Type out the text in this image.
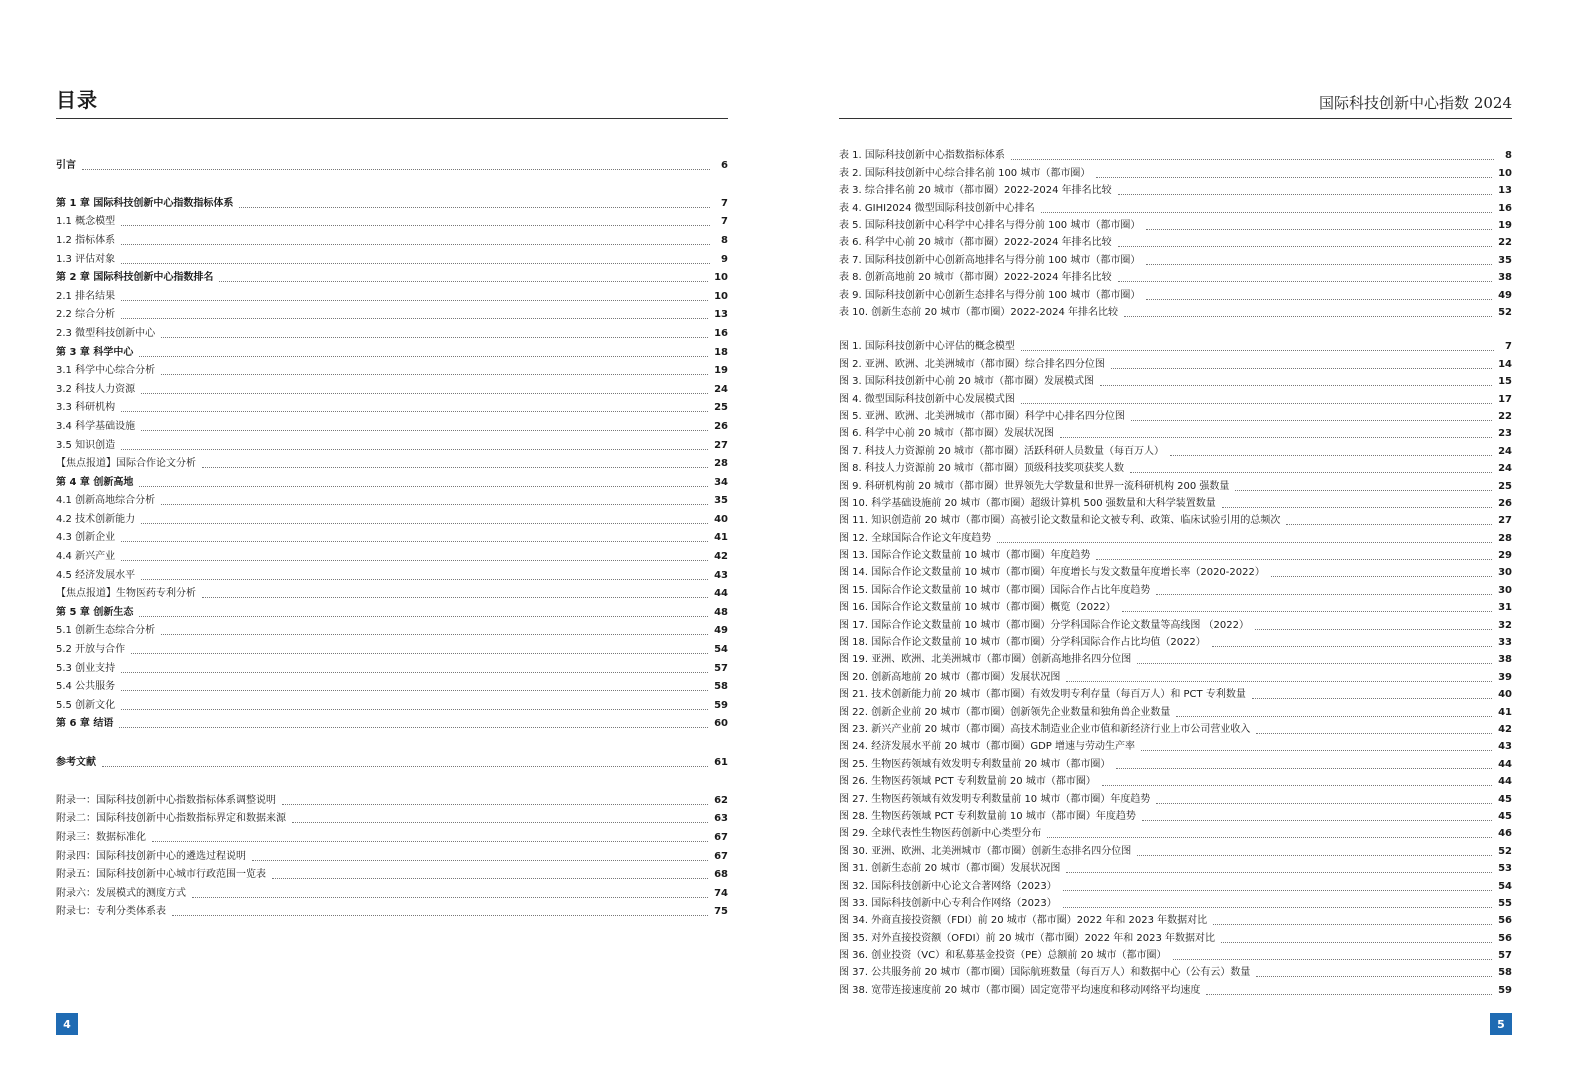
目录
引言	6
第 1 章 国际科技创新中心指数指标体系	7
1.1 概念模型	7
1.2 指标体系	8
1.3 评估对象	9
第 2 章 国际科技创新中心指数排名	10
2.1 排名结果	10
2.2 综合分析	13
2.3 微型科技创新中心	16
第 3 章 科学中心	18
3.1 科学中心综合分析	19
3.2 科技人力资源	24
3.3 科研机构	25
3.4 科学基础设施	26
3.5 知识创造	27
【焦点报道】国际合作论文分析	28
第 4 章 创新高地	34
4.1 创新高地综合分析	35
4.2 技术创新能力	40
4.3 创新企业	41
4.4 新兴产业	42
4.5 经济发展水平	43
【焦点报道】生物医药专利分析	44
第 5 章 创新生态	48
5.1 创新生态综合分析	49
5.2 开放与合作	54
5.3 创业支持	57
5.4 公共服务	58
5.5 创新文化	59
第 6 章 结语	60
参考文献	61
附录一：国际科技创新中心指数指标体系调整说明	62
附录二：国际科技创新中心指数指标界定和数据来源	63
附录三：数据标准化	67
附录四：国际科技创新中心的遴选过程说明	67
附录五：国际科技创新中心城市行政范围一览表	68
附录六：发展模式的测度方式	74
附录七：专利分类体系表	75
4
国际科技创新中心指数 2024
表 1. 国际科技创新中心指数指标体系	8
表 2. 国际科技创新中心综合排名前 100 城市（都市圈）	10
表 3. 综合排名前 20 城市（都市圈）2022-2024 年排名比较	13
表 4. GIHI2024 微型国际科技创新中心排名	16
表 5. 国际科技创新中心科学中心排名与得分前 100 城市（都市圈）	19
表 6. 科学中心前 20 城市（都市圈）2022-2024 年排名比较	22
表 7. 国际科技创新中心创新高地排名与得分前 100 城市（都市圈）	35
表 8. 创新高地前 20 城市（都市圈）2022-2024 年排名比较	38
表 9. 国际科技创新中心创新生态排名与得分前 100 城市（都市圈）	49
表 10. 创新生态前 20 城市（都市圈）2022-2024 年排名比较	52
图 1. 国际科技创新中心评估的概念模型	7
图 2. 亚洲、欧洲、北美洲城市（都市圈）综合排名四分位图	14
图 3. 国际科技创新中心前 20 城市（都市圈）发展模式图	15
图 4. 微型国际科技创新中心发展模式图	17
图 5. 亚洲、欧洲、北美洲城市（都市圈）科学中心排名四分位图	22
图 6. 科学中心前 20 城市（都市圈）发展状况图	23
图 7. 科技人力资源前 20 城市（都市圈）活跃科研人员数量（每百万人）	24
图 8. 科技人力资源前 20 城市（都市圈）顶级科技奖项获奖人数	24
图 9. 科研机构前 20 城市（都市圈）世界领先大学数量和世界一流科研机构 200 强数量	25
图 10. 科学基础设施前 20 城市（都市圈）超级计算机 500 强数量和大科学装置数量	26
图 11. 知识创造前 20 城市（都市圈）高被引论文数量和论文被专利、政策、临床试验引用的总频次	27
图 12. 全球国际合作论文年度趋势	28
图 13. 国际合作论文数量前 10 城市（都市圈）年度趋势	29
图 14. 国际合作论文数量前 10 城市（都市圈）年度增长与发文数量年度增长率（2020-2022）	30
图 15. 国际合作论文数量前 10 城市（都市圈）国际合作占比年度趋势	30
图 16. 国际合作论文数量前 10 城市（都市圈）概览（2022）	31
图 17. 国际合作论文数量前 10 城市（都市圈）分学科国际合作论文数量等高线图 （2022）	32
图 18. 国际合作论文数量前 10 城市（都市圈）分学科国际合作占比均值（2022）	33
图 19. 亚洲、欧洲、北美洲城市（都市圈）创新高地排名四分位图	38
图 20. 创新高地前 20 城市（都市圈）发展状况图	39
图 21. 技术创新能力前 20 城市（都市圈）有效发明专利存量（每百万人）和 PCT 专利数量	40
图 22. 创新企业前 20 城市（都市圈）创新领先企业数量和独角兽企业数量	41
图 23. 新兴产业前 20 城市（都市圈）高技术制造业企业市值和新经济行业上市公司营业收入	42
图 24. 经济发展水平前 20 城市（都市圈）GDP 增速与劳动生产率	43
图 25. 生物医药领域有效发明专利数量前 20 城市（都市圈）	44
图 26. 生物医药领域 PCT 专利数量前 20 城市（都市圈）	44
图 27. 生物医药领域有效发明专利数量前 10 城市（都市圈）年度趋势	45
图 28. 生物医药领域 PCT 专利数量前 10 城市（都市圈）年度趋势	45
图 29. 全球代表性生物医药创新中心类型分布	46
图 30. 亚洲、欧洲、北美洲城市（都市圈）创新生态排名四分位图	52
图 31. 创新生态前 20 城市（都市圈）发展状况图	53
图 32. 国际科技创新中心论文合著网络（2023）	54
图 33. 国际科技创新中心专利合作网络（2023）	55
图 34. 外商直接投资额（FDI）前 20 城市（都市圈）2022 年和 2023 年数据对比	56
图 35. 对外直接投资额（OFDI）前 20 城市（都市圈）2022 年和 2023 年数据对比	56
图 36. 创业投资（VC）和私募基金投资（PE）总额前 20 城市（都市圈）	57
图 37. 公共服务前 20 城市（都市圈）国际航班数量（每百万人）和数据中心（公有云）数量	58
图 38. 宽带连接速度前 20 城市（都市圈）固定宽带平均速度和移动网络平均速度	59
5
